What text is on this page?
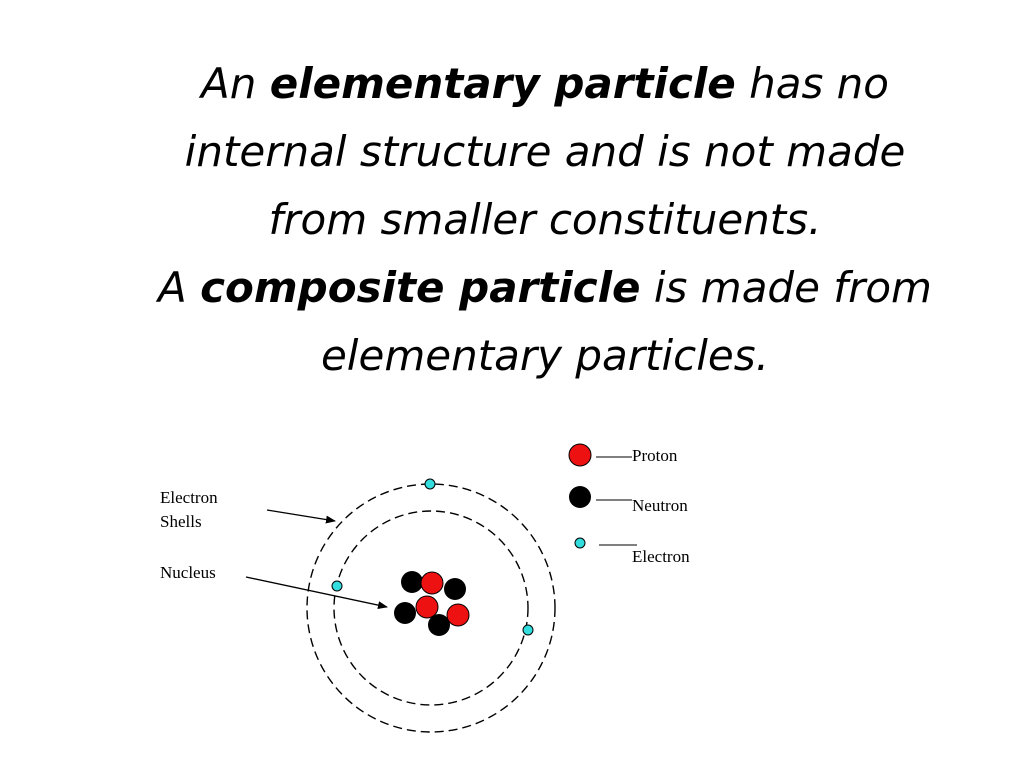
An elementary particle has no
internal structure and is not made
from smaller constituents.
A composite particle is made from
elementary particles.
Electron
Shells
Nucleus
Proton
Neutron
Electron
